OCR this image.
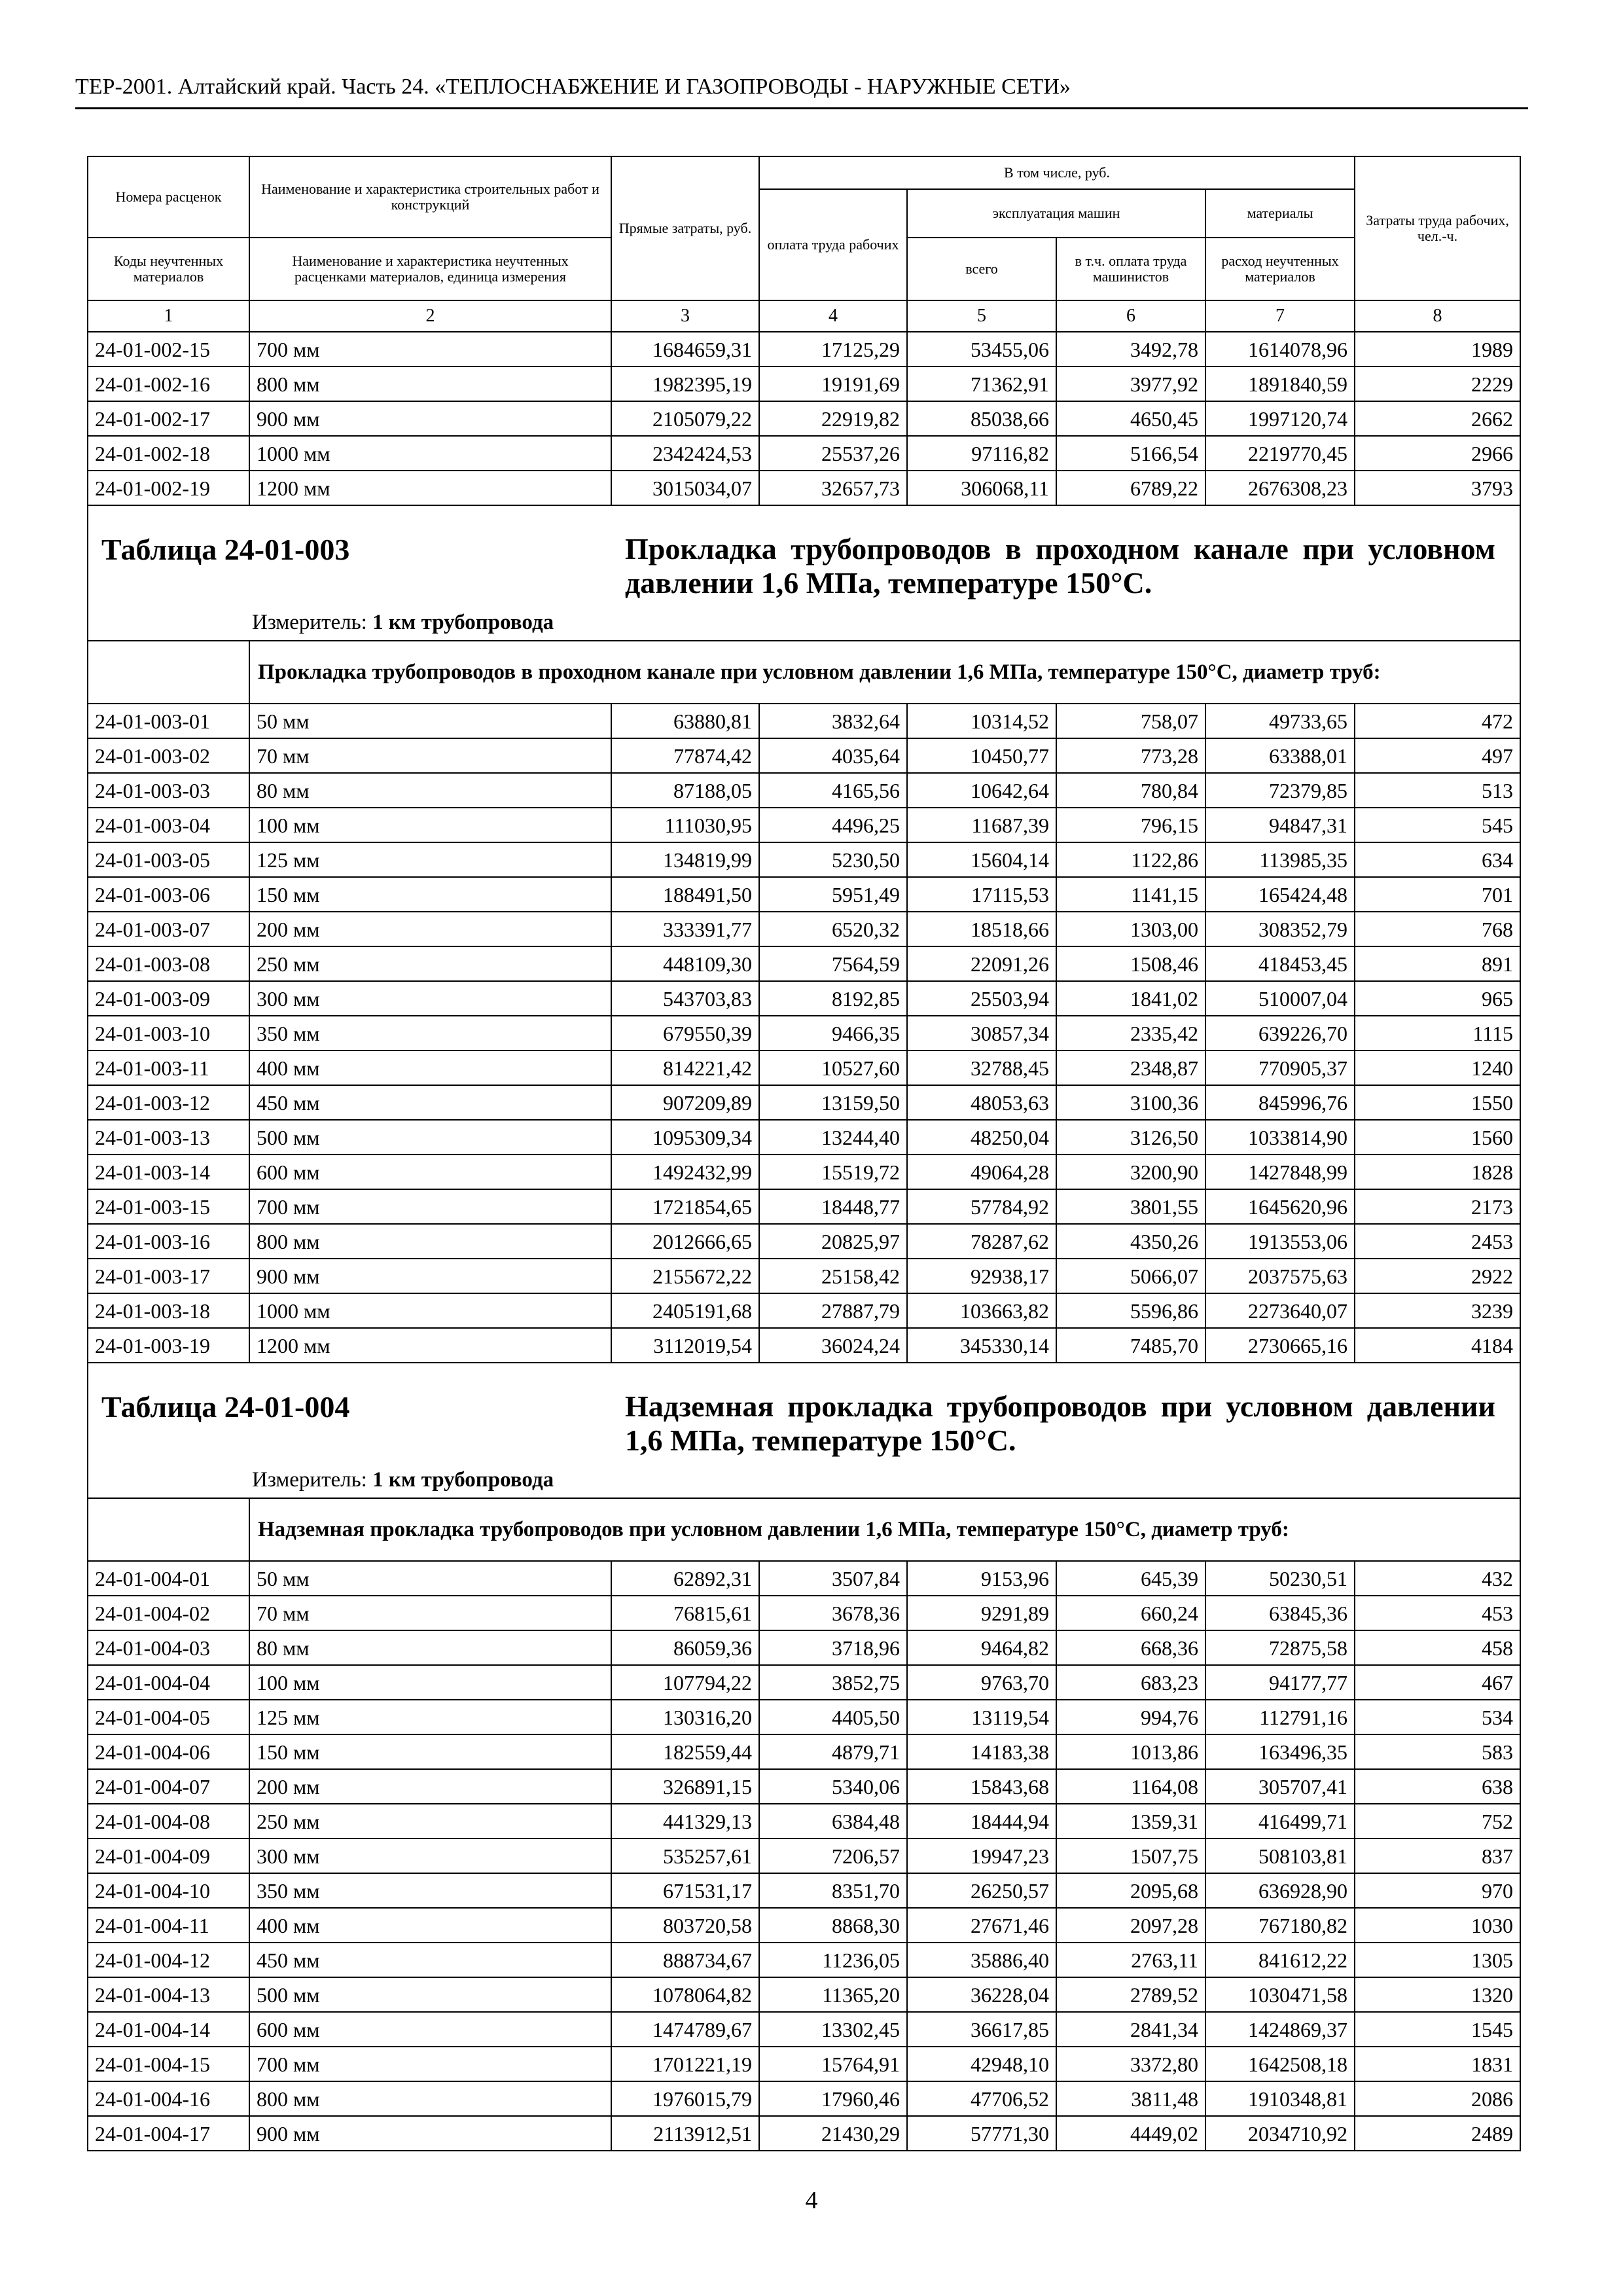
ТЕР-2001. Алтайский край. Часть 24. «ТЕПЛОСНАБЖЕНИЕ И ГАЗОПРОВОДЫ - НАРУЖНЫЕ СЕТИ»
Номера расценок	Наименование и характеристика строительных работ и конструкций	Прямые затраты, руб.	В том числе, руб.				Затраты труда рабочих, чел.-ч.
			оплата труда рабочих	эксплуатация машин		материалы	
Коды неучтенных материалов	Наименование и характеристика неучтенных расценками материалов, единица измерения			всего	в т.ч. оплата труда машинистов	расход неучтенных материалов	
1	2	3	4	5	6	7	8
24-01-002-15	700 мм	1684659,31	17125,29	53455,06	3492,78	1614078,96	1989
24-01-002-16	800 мм	1982395,19	19191,69	71362,91	3977,92	1891840,59	2229
24-01-002-17	900 мм	2105079,22	22919,82	85038,66	4650,45	1997120,74	2662
24-01-002-18	1000 мм	2342424,53	25537,26	97116,82	5166,54	2219770,45	2966
24-01-002-19	1200 мм	3015034,07	32657,73	306068,11	6789,22	2676308,23	3793

Таблица 24-01-003 Прокладка трубопроводов в проходном канале при условном давлении 1,6 МПа, температуре 150°С.
Измеритель: 1 км трубопровода							

	Прокладка трубопроводов в проходном канале при условном давлении 1,6 МПа, температуре 150°С, диаметр труб:						
24-01-003-01	50 мм	63880,81	3832,64	10314,52	758,07	49733,65	472
24-01-003-02	70 мм	77874,42	4035,64	10450,77	773,28	63388,01	497
24-01-003-03	80 мм	87188,05	4165,56	10642,64	780,84	72379,85	513
24-01-003-04	100 мм	111030,95	4496,25	11687,39	796,15	94847,31	545
24-01-003-05	125 мм	134819,99	5230,50	15604,14	1122,86	113985,35	634
24-01-003-06	150 мм	188491,50	5951,49	17115,53	1141,15	165424,48	701
24-01-003-07	200 мм	333391,77	6520,32	18518,66	1303,00	308352,79	768
24-01-003-08	250 мм	448109,30	7564,59	22091,26	1508,46	418453,45	891
24-01-003-09	300 мм	543703,83	8192,85	25503,94	1841,02	510007,04	965
24-01-003-10	350 мм	679550,39	9466,35	30857,34	2335,42	639226,70	1115
24-01-003-11	400 мм	814221,42	10527,60	32788,45	2348,87	770905,37	1240
24-01-003-12	450 мм	907209,89	13159,50	48053,63	3100,36	845996,76	1550
24-01-003-13	500 мм	1095309,34	13244,40	48250,04	3126,50	1033814,90	1560
24-01-003-14	600 мм	1492432,99	15519,72	49064,28	3200,90	1427848,99	1828
24-01-003-15	700 мм	1721854,65	18448,77	57784,92	3801,55	1645620,96	2173
24-01-003-16	800 мм	2012666,65	20825,97	78287,62	4350,26	1913553,06	2453
24-01-003-17	900 мм	2155672,22	25158,42	92938,17	5066,07	2037575,63	2922
24-01-003-18	1000 мм	2405191,68	27887,79	103663,82	5596,86	2273640,07	3239
24-01-003-19	1200 мм	3112019,54	36024,24	345330,14	7485,70	2730665,16	4184

Таблица 24-01-004 Надземная прокладка трубопроводов при условном давлении 1,6 МПа, температуре 150°С.
Измеритель: 1 км трубопровода							

	Надземная прокладка трубопроводов при условном давлении 1,6 МПа, температуре 150°С, диаметр труб:						
24-01-004-01	50 мм	62892,31	3507,84	9153,96	645,39	50230,51	432
24-01-004-02	70 мм	76815,61	3678,36	9291,89	660,24	63845,36	453
24-01-004-03	80 мм	86059,36	3718,96	9464,82	668,36	72875,58	458
24-01-004-04	100 мм	107794,22	3852,75	9763,70	683,23	94177,77	467
24-01-004-05	125 мм	130316,20	4405,50	13119,54	994,76	112791,16	534
24-01-004-06	150 мм	182559,44	4879,71	14183,38	1013,86	163496,35	583
24-01-004-07	200 мм	326891,15	5340,06	15843,68	1164,08	305707,41	638
24-01-004-08	250 мм	441329,13	6384,48	18444,94	1359,31	416499,71	752
24-01-004-09	300 мм	535257,61	7206,57	19947,23	1507,75	508103,81	837
24-01-004-10	350 мм	671531,17	8351,70	26250,57	2095,68	636928,90	970
24-01-004-11	400 мм	803720,58	8868,30	27671,46	2097,28	767180,82	1030
24-01-004-12	450 мм	888734,67	11236,05	35886,40	2763,11	841612,22	1305
24-01-004-13	500 мм	1078064,82	11365,20	36228,04	2789,52	1030471,58	1320
24-01-004-14	600 мм	1474789,67	13302,45	36617,85	2841,34	1424869,37	1545
24-01-004-15	700 мм	1701221,19	15764,91	42948,10	3372,80	1642508,18	1831
24-01-004-16	800 мм	1976015,79	17960,46	47706,52	3811,48	1910348,81	2086
24-01-004-17	900 мм	2113912,51	21430,29	57771,30	4449,02	2034710,92	2489
4
